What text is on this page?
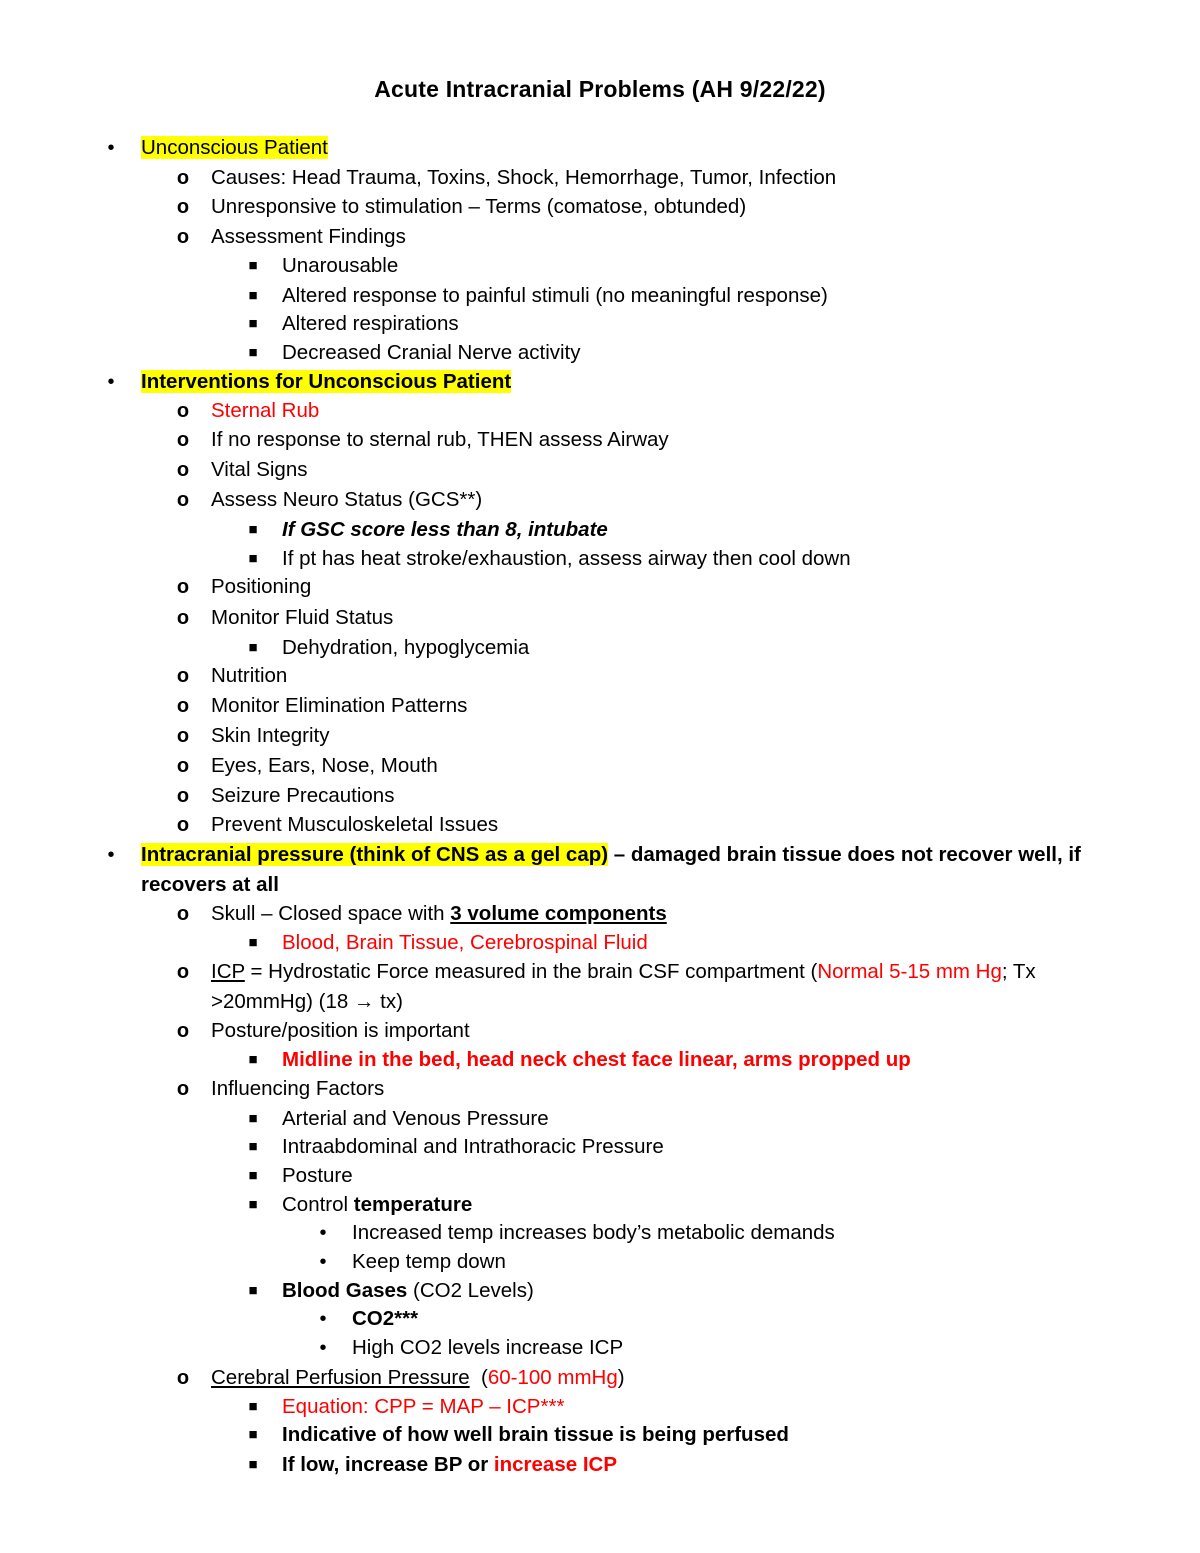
Acute Intracranial Problems (AH 9/22/22)
• Unconscious Patient
o Causes: Head Trauma, Toxins, Shock, Hemorrhage, Tumor, Infection
o Unresponsive to stimulation – Terms (comatose, obtunded)
o Assessment Findings
■ Unarousable
■ Altered response to painful stimuli (no meaningful response)
■ Altered respirations
■ Decreased Cranial Nerve activity
• Interventions for Unconscious Patient
o Sternal Rub
o If no response to sternal rub, THEN assess Airway
o Vital Signs
o Assess Neuro Status (GCS**)
■ If GSC score less than 8, intubate
■ If pt has heat stroke/exhaustion, assess airway then cool down
o Positioning
o Monitor Fluid Status
■ Dehydration, hypoglycemia
o Nutrition
o Monitor Elimination Patterns
o Skin Integrity
o Eyes, Ears, Nose, Mouth
o Seizure Precautions
o Prevent Musculoskeletal Issues
• Intracranial pressure (think of CNS as a gel cap) – damaged brain tissue does not recover well, if
recovers at all
o Skull – Closed space with 3 volume components
■ Blood, Brain Tissue, Cerebrospinal Fluid
o ICP = Hydrostatic Force measured in the brain CSF compartment (Normal 5-15 mm Hg; Tx
>20mmHg) (18 → tx)
o Posture/position is important
■ Midline in the bed, head neck chest face linear, arms propped up
o Influencing Factors
■ Arterial and Venous Pressure
■ Intraabdominal and Intrathoracic Pressure
■ Posture
■ Control temperature
• Increased temp increases body’s metabolic demands
• Keep temp down
■ Blood Gases (CO2 Levels)
• CO2***
• High CO2 levels increase ICP
o Cerebral Perfusion Pressure  (60-100 mmHg)
■ Equation: CPP = MAP – ICP***
■ Indicative of how well brain tissue is being perfused
■ If low, increase BP or increase ICP
